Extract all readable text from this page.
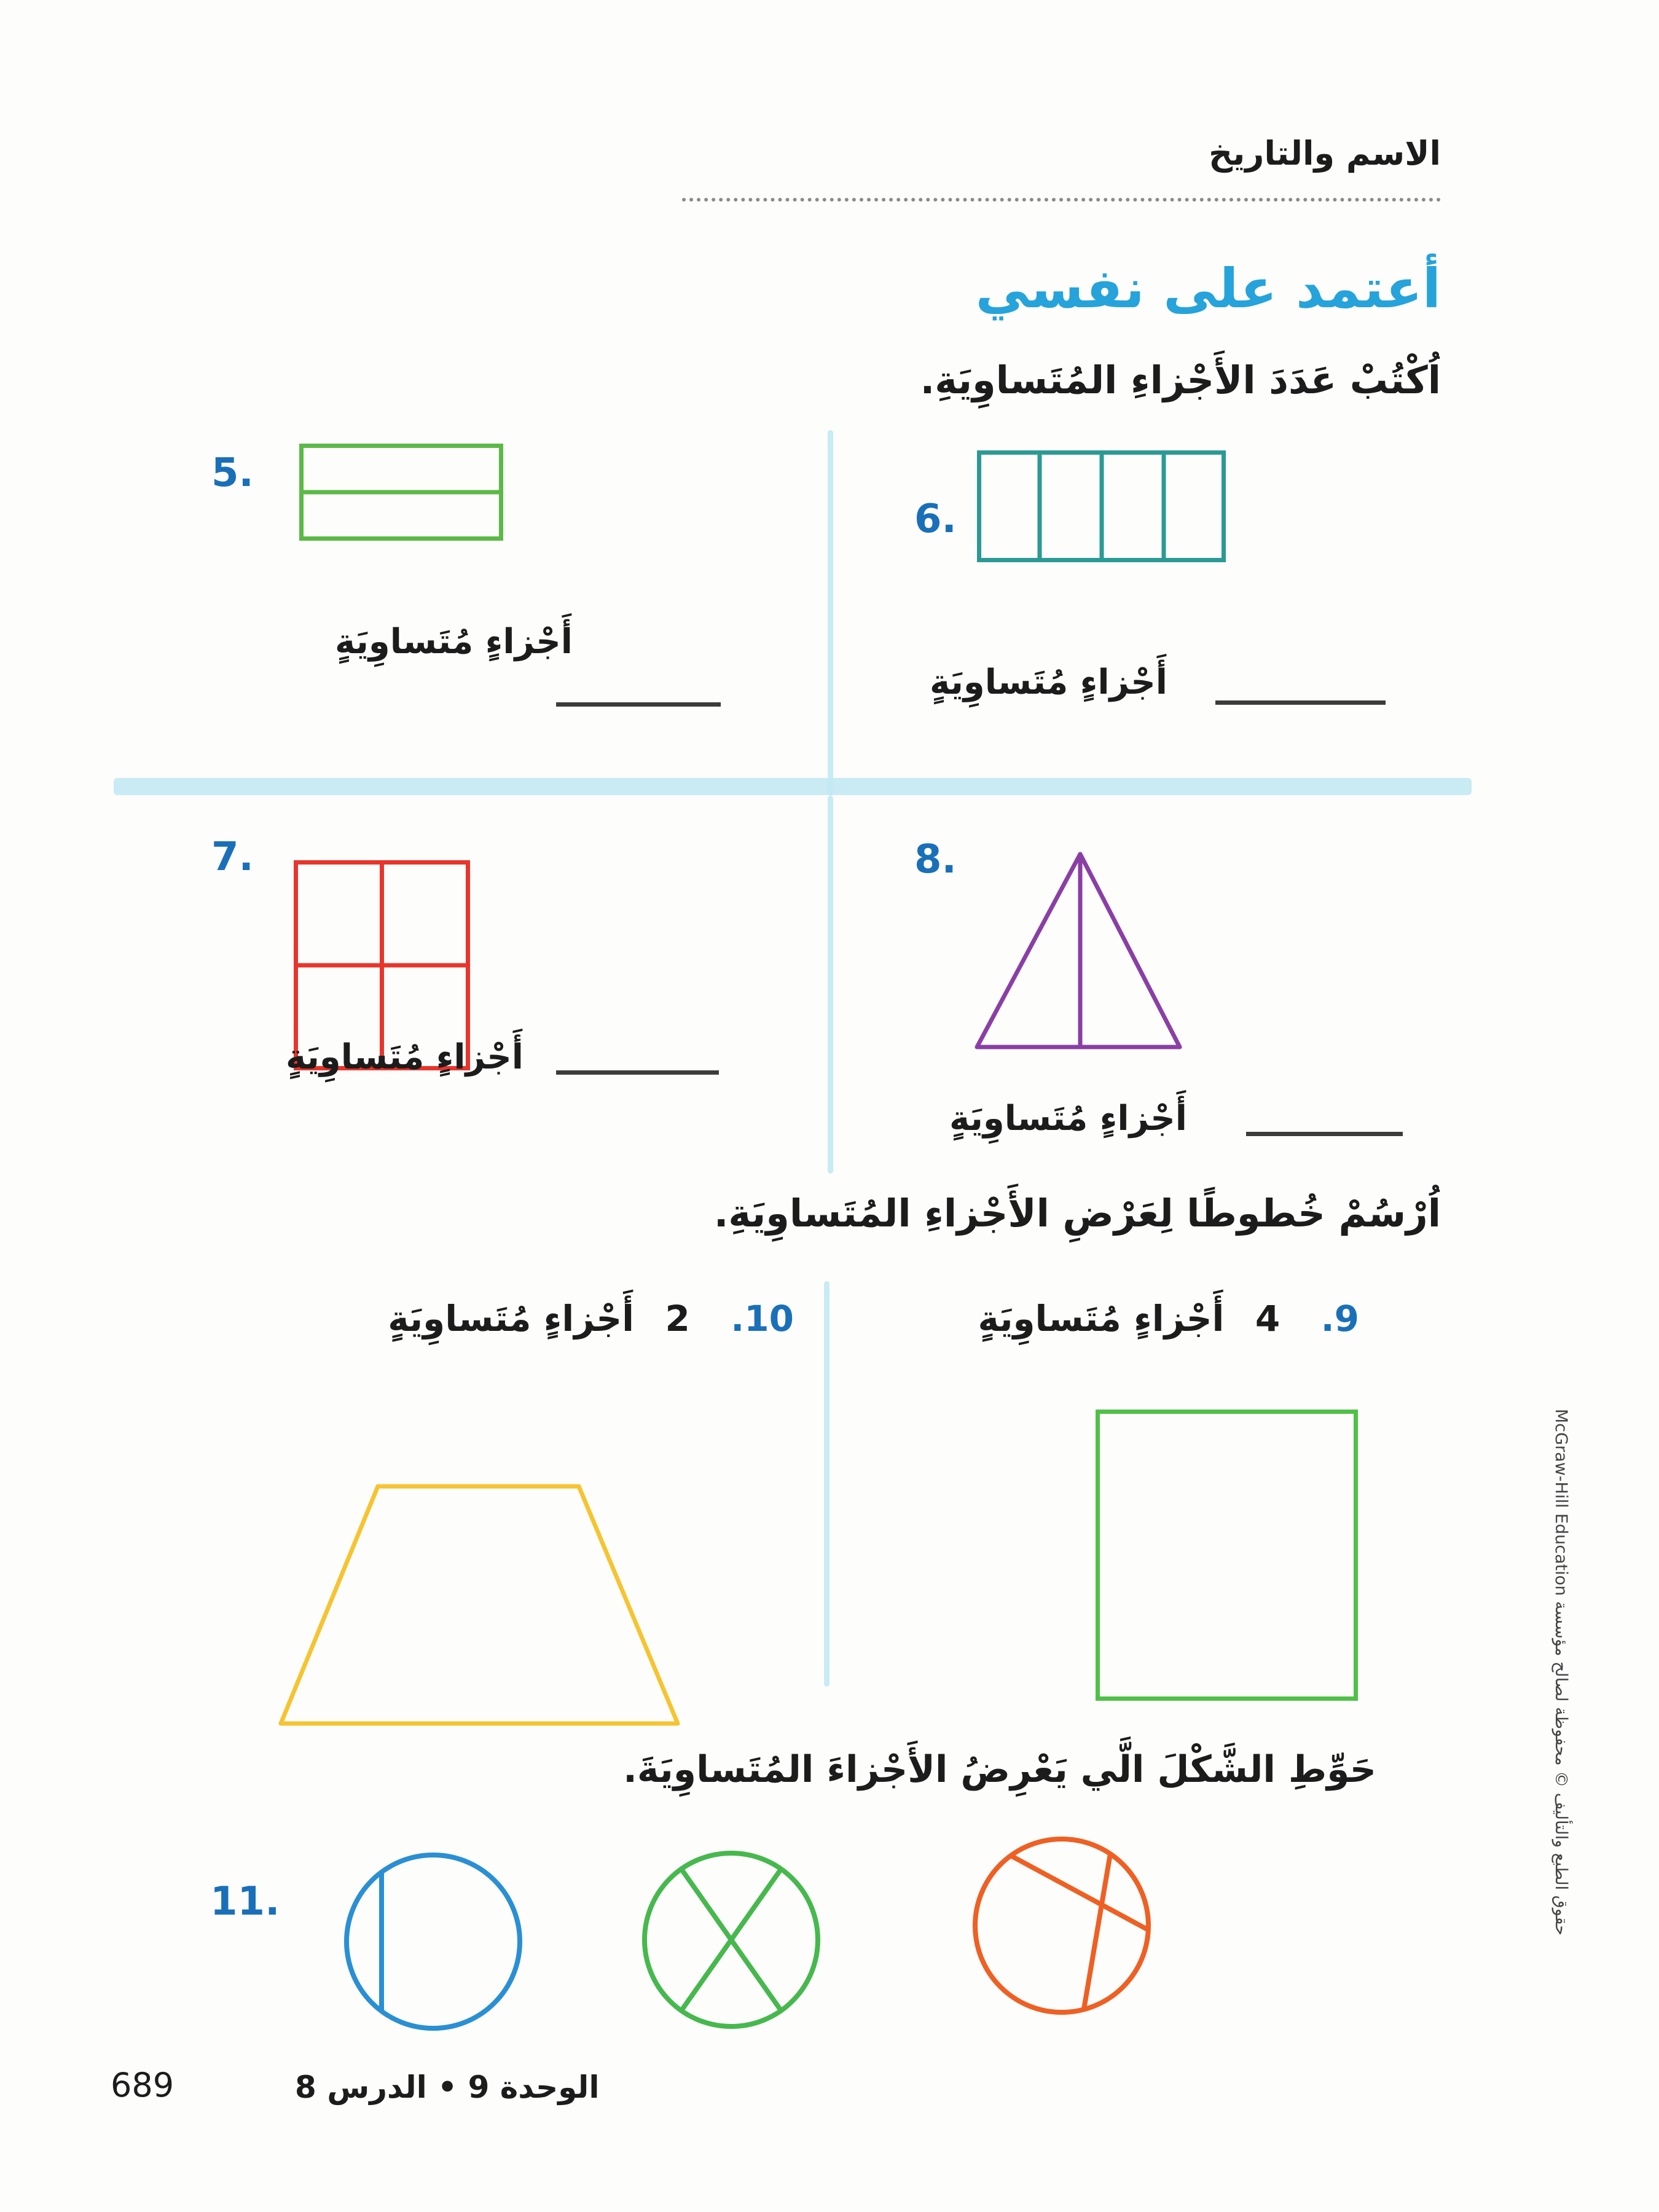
الاسم والتاريخ
أعتمد على نفسي
اُكْتُبْ عَدَدَ الأَجْزاءِ المُتَساوِيَةِ.
5.
أَجْزاءٍ مُتَساوِيَةٍ
6.
أَجْزاءٍ مُتَساوِيَةٍ
7.
أَجْزاءٍ مُتَساوِيَةٍ
8.
أَجْزاءٍ مُتَساوِيَةٍ
اُرْسُمْ خُطوطًا لِعَرْضِ الأَجْزاءِ المُتَساوِيَةِ.
9.  4  أَجْزاءٍ مُتَساوِيَةٍ
10.  2  أَجْزاءٍ مُتَساوِيَةٍ
حَوِّطِ الشَّكْلَ الَّي يَعْرِضُ الأَجْزاءَ المُتَساوِيَةَ.
11.
689	الوحدة 9 • الدرس 8
حقوق الطبع والتأليف © محفوظة لصالح مؤسسة McGraw-Hill Education
